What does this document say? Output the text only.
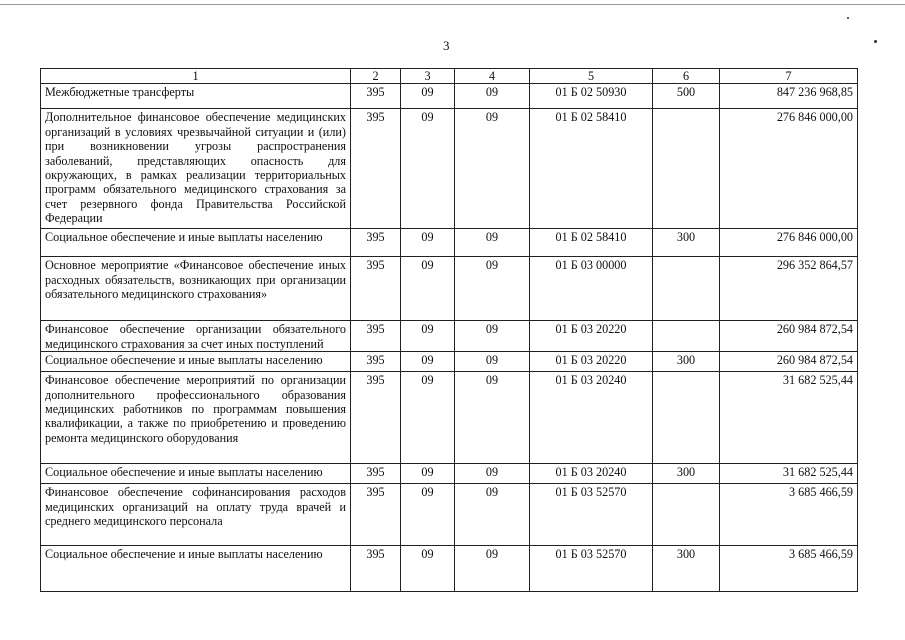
3
1	2	3	4	5	6	7
Межбюджетные трансферты	395	09	09	01 Б 02 50930	500	847 236 968,85
Дополнительное финансовое обеспечение медицинских организаций в условиях чрезвычайной ситуации и (или) при возникновении угрозы распространения заболеваний, представляющих опасность для окружающих, в рамках реализации территориальных программ обязательного медицинского страхования за счет резервного фонда Правительства Российской Федерации	395	09	09	01 Б 02 58410		276 846 000,00
Социальное обеспечение и иные выплаты населению	395	09	09	01 Б 02 58410	300	276 846 000,00
Основное мероприятие «Финансовое обеспечение иных расходных обязательств, возникающих при организации обязательного медицинского страхования»	395	09	09	01 Б 03 00000		296 352 864,57
Финансовое обеспечение организации обязательного медицинского страхования за счет иных поступлений	395	09	09	01 Б 03 20220		260 984 872,54
Социальное обеспечение и иные выплаты населению	395	09	09	01 Б 03 20220	300	260 984 872,54
Финансовое обеспечение мероприятий по организации дополнительного профессионального образования медицинских работников по программам повышения квалификации, а также по приобретению и проведению ремонта медицинского оборудования	395	09	09	01 Б 03 20240		31 682 525,44
Социальное обеспечение и иные выплаты населению	395	09	09	01 Б 03 20240	300	31 682 525,44
Финансовое обеспечение софинансирования расходов медицинских организаций на оплату труда врачей и среднего медицинского персонала	395	09	09	01 Б 03 52570		3 685 466,59
Социальное обеспечение и иные выплаты населению	395	09	09	01 Б 03 52570	300	3 685 466,59
